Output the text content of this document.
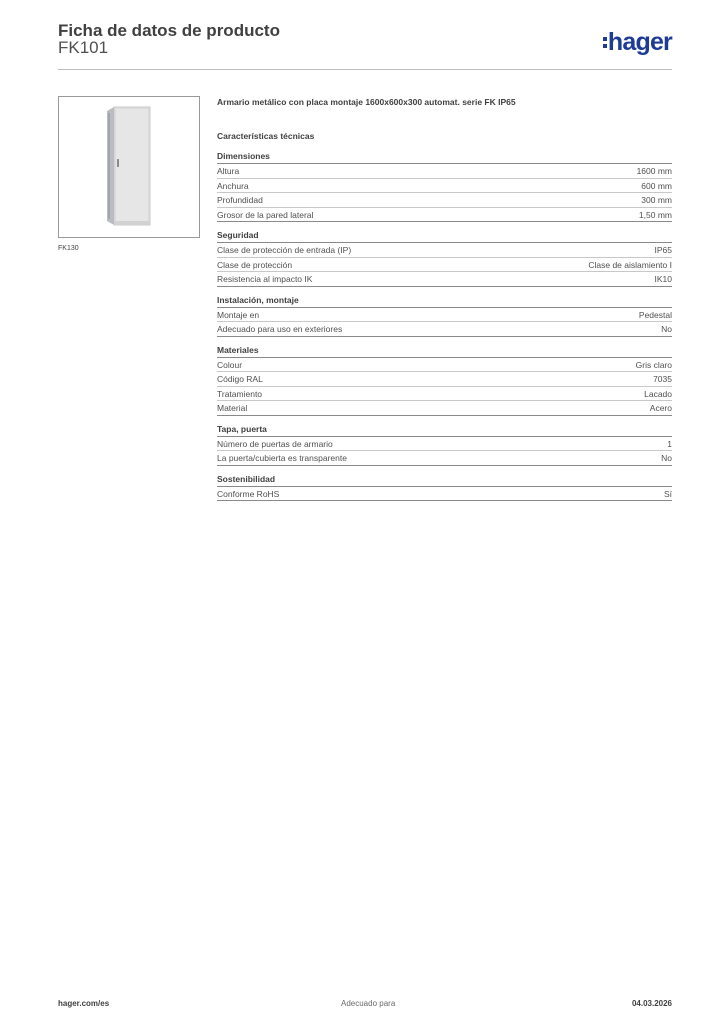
Ficha de datos de producto
FK101	hager
FK130
Armario metálico con placa montaje 1600x600x300 automat. serie FK IP65
Características técnicas
Dimensiones
Altura	1600 mm
Anchura	600 mm
Profundidad	300 mm
Grosor de la pared lateral	1,50 mm
Seguridad
Clase de protección de entrada (IP)	IP65
Clase de protección	Clase de aislamiento I
Resistencia al impacto IK	IK10
Instalación, montaje
Montaje en	Pedestal
Adecuado para uso en exteriores	No
Materiales
Colour	Gris claro
Código RAL	7035
Tratamiento	Lacado
Material	Acero
Tapa, puerta
Número de puertas de armario	1
La puerta/cubierta es transparente	No
Sostenibilidad
Conforme RoHS	Sí
hager.com/es	Adecuado para	04.03.2026
